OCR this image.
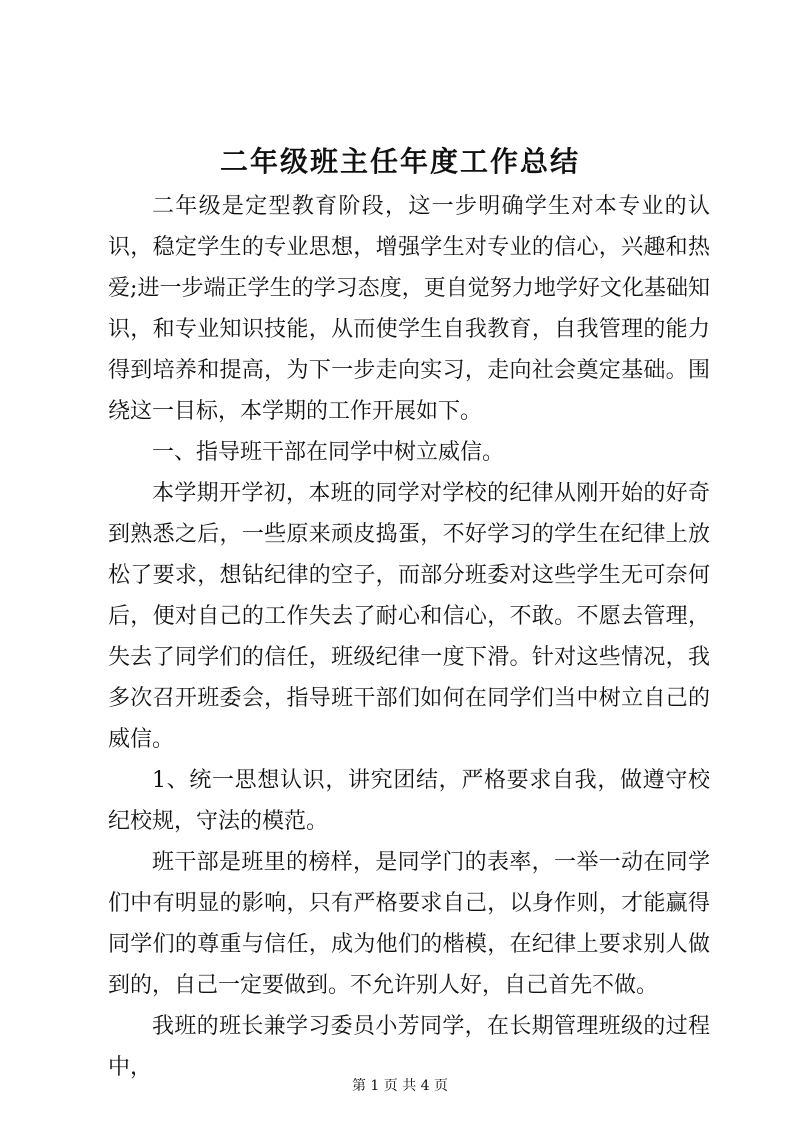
二年级班主任年度工作总结

二年级是定型教育阶段，这一步明确学生对本专业的认识，稳定学生的专业思想，增强学生对专业的信心，兴趣和热爱;进一步端正学生的学习态度，更自觉努力地学好文化基础知识，和专业知识技能，从而使学生自我教育，自我管理的能力得到培养和提高，为下一步走向实习，走向社会奠定基础。围绕这一目标，本学期的工作开展如下。

一、指导班干部在同学中树立威信。

本学期开学初，本班的同学对学校的纪律从刚开始的好奇到熟悉之后，一些原来顽皮捣蛋，不好学习的学生在纪律上放松了要求，想钻纪律的空子，而部分班委对这些学生无可奈何后，便对自己的工作失去了耐心和信心，不敢。不愿去管理，失去了同学们的信任，班级纪律一度下滑。针对这些情况，我多次召开班委会，指导班干部们如何在同学们当中树立自己的威信。

1、统一思想认识，讲究团结，严格要求自我，做遵守校纪校规，守法的模范。

班干部是班里的榜样，是同学门的表率，一举一动在同学们中有明显的影响，只有严格要求自己，以身作则，才能赢得同学们的尊重与信任，成为他们的楷模，在纪律上要求别人做到的，自己一定要做到。不允许别人好，自己首先不做。

我班的班长兼学习委员小芳同学，在长期管理班级的过程中，

第 1 页 共 4 页
